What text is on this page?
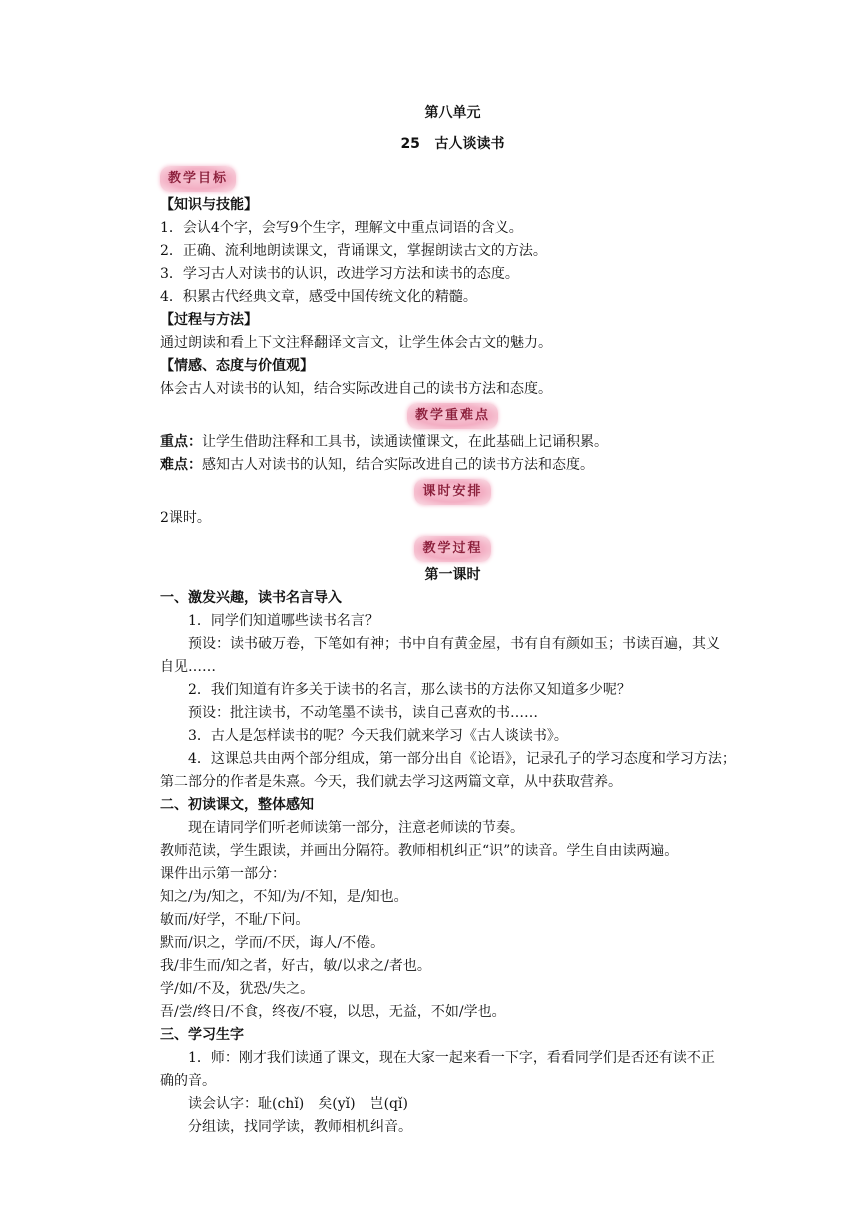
第八单元

25 古人谈读书

教学目标

【知识与技能】

1．会认4个字，会写9个生字，理解文中重点词语的含义。

2．正确、流利地朗读课文，背诵课文，掌握朗读古文的方法。

3．学习古人对读书的认识，改进学习方法和读书的态度。

4．积累古代经典文章，感受中国传统文化的精髓。

【过程与方法】

通过朗读和看上下文注释翻译文言文，让学生体会古文的魅力。

【情感、态度与价值观】

体会古人对读书的认知，结合实际改进自己的读书方法和态度。

教学重难点

重点：让学生借助注释和工具书，读通读懂课文，在此基础上记诵积累。

难点：感知古人对读书的认知，结合实际改进自己的读书方法和态度。

课时安排

2课时。

教学过程

第一课时

一、激发兴趣，读书名言导入

1．同学们知道哪些读书名言？

预设：读书破万卷，下笔如有神；书中自有黄金屋，书有自有颜如玉；书读百遍，其义

自见……

2．我们知道有许多关于读书的名言，那么读书的方法你又知道多少呢？

预设：批注读书，不动笔墨不读书，读自己喜欢的书……

3．古人是怎样读书的呢？今天我们就来学习《古人谈读书》。

4．这课总共由两个部分组成，第一部分出自《论语》，记录孔子的学习态度和学习方法；

第二部分的作者是朱熹。今天，我们就去学习这两篇文章，从中获取营养。

二、初读课文，整体感知

现在请同学们听老师读第一部分，注意老师读的节奏。

教师范读，学生跟读，并画出分隔符。教师相机纠正“识”的读音。学生自由读两遍。

课件出示第一部分：

知之/为/知之，不知/为/不知，是/知也。

敏而/好学，不耻/下问。

默而/识之，学而/不厌，诲人/不倦。

我/非生而/知之者，好古，敏/以求之/者也。

学/如/不及，犹恐/失之。

吾/尝/终日/不食，终夜/不寝，以思，无益，不如/学也。

三、学习生字

1．师：刚才我们读通了课文，现在大家一起来看一下字，看看同学们是否还有读不正

确的音。

读会认字：耻(chǐ)　矣(yǐ)　岂(qǐ)

分组读，找同学读，教师相机纠音。
